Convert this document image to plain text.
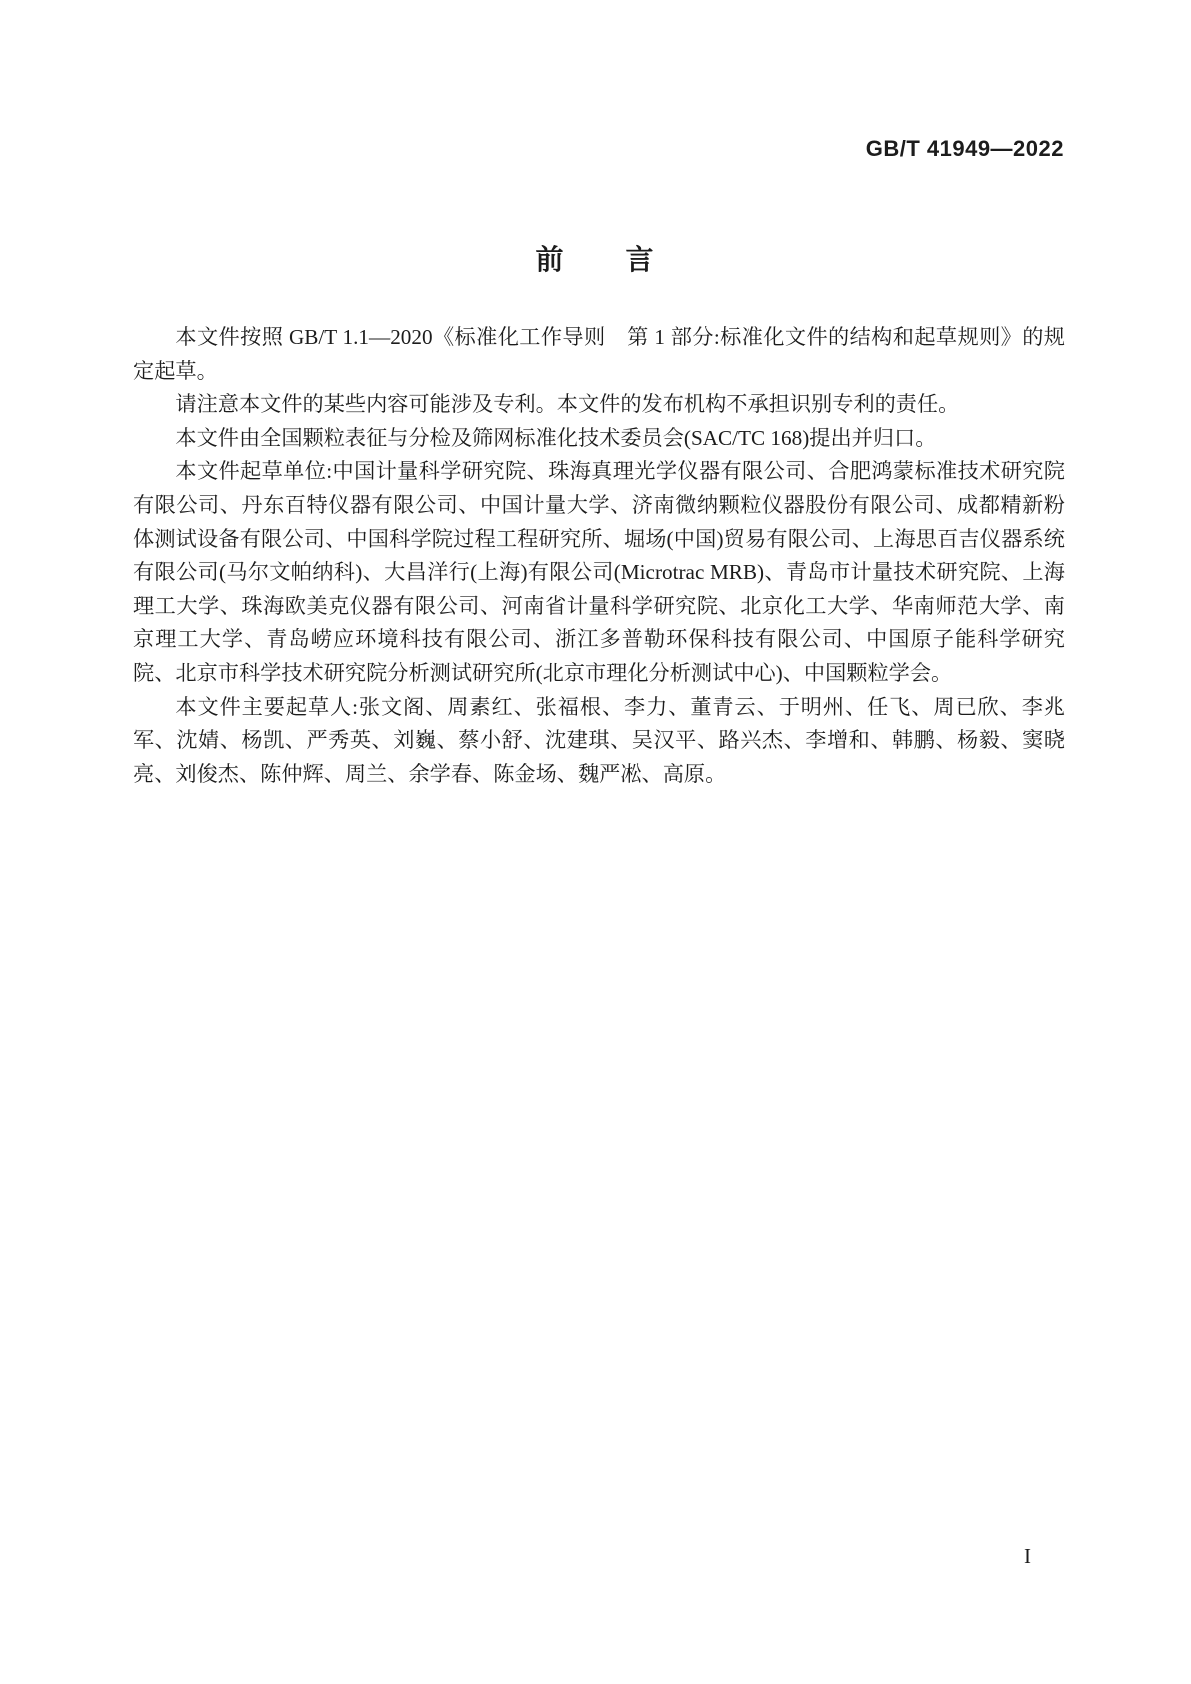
GB/T 41949—2022
前　　言

本文件按照 GB/T 1.1—2020《标准化工作导则　第 1 部分:标准化文件的结构和起草规则》的规定起草。

请注意本文件的某些内容可能涉及专利。本文件的发布机构不承担识别专利的责任。

本文件由全国颗粒表征与分检及筛网标准化技术委员会(SAC/TC 168)提出并归口。

本文件起草单位:中国计量科学研究院、珠海真理光学仪器有限公司、合肥鸿蒙标准技术研究院有限公司、丹东百特仪器有限公司、中国计量大学、济南微纳颗粒仪器股份有限公司、成都精新粉体测试设备有限公司、中国科学院过程工程研究所、堀场(中国)贸易有限公司、上海思百吉仪器系统有限公司(马尔文帕纳科)、大昌洋行(上海)有限公司(Microtrac MRB)、青岛市计量技术研究院、上海理工大学、珠海欧美克仪器有限公司、河南省计量科学研究院、北京化工大学、华南师范大学、南京理工大学、青岛崂应环境科技有限公司、浙江多普勒环保科技有限公司、中国原子能科学研究院、北京市科学技术研究院分析测试研究所(北京市理化分析测试中心)、中国颗粒学会。

本文件主要起草人:张文阁、周素红、张福根、李力、董青云、于明州、任飞、周已欣、李兆军、沈婧、杨凯、严秀英、刘巍、蔡小舒、沈建琪、吴汉平、路兴杰、李增和、韩鹏、杨毅、窦晓亮、刘俊杰、陈仲辉、周兰、余学春、陈金场、魏严凇、高原。

I
